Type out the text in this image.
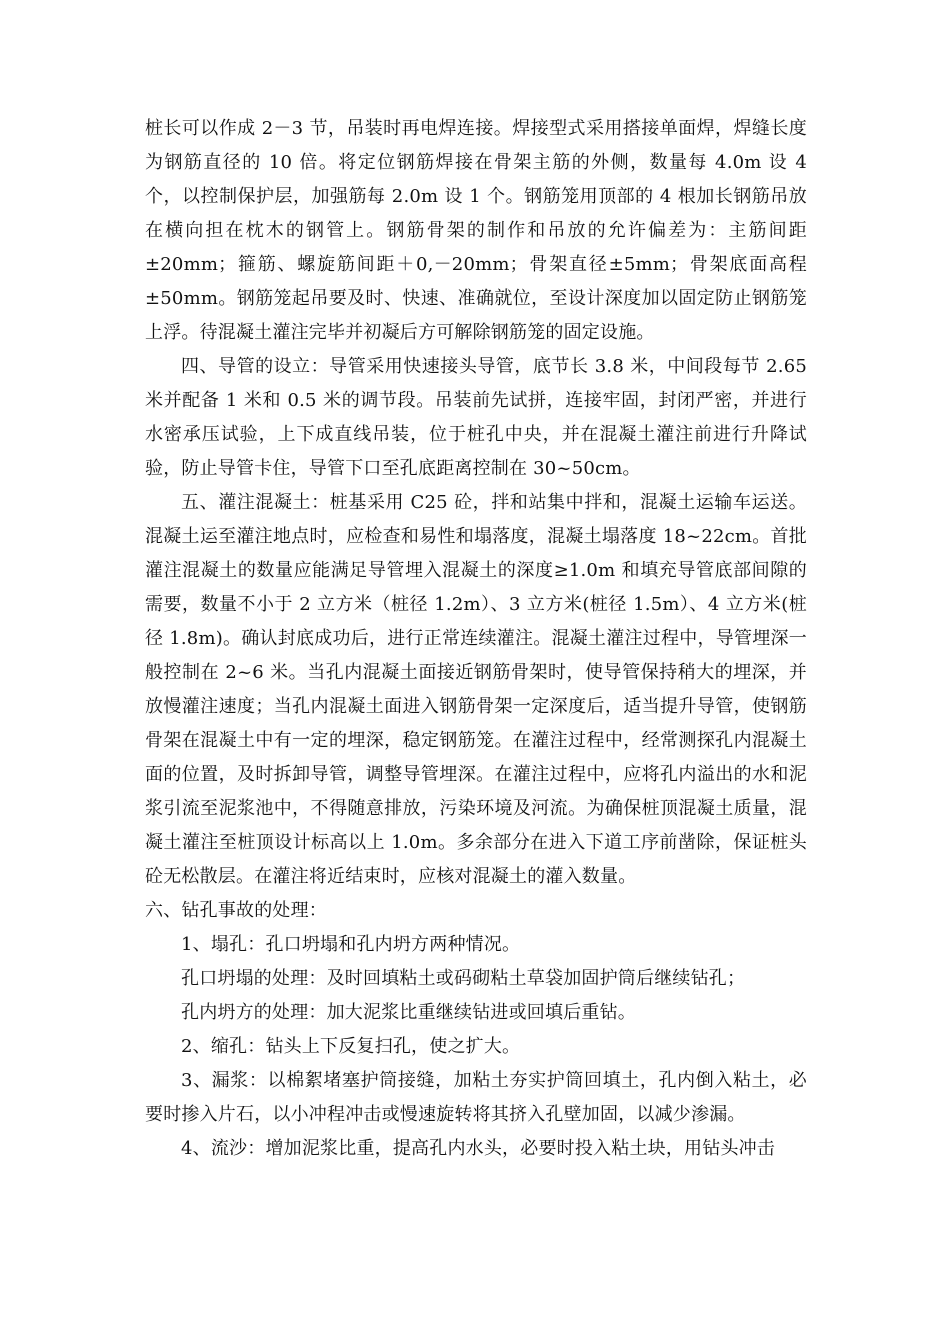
桩长可以作成 2－3 节，吊装时再电焊连接。焊接型式采用搭接单面焊，焊缝长度为钢筋直径的 10 倍。将定位钢筋焊接在骨架主筋的外侧，数量每 4.0m 设 4 个，以控制保护层，加强筋每 2.0m 设 1 个。钢筋笼用顶部的 4 根加长钢筋吊放在横向担在枕木的钢管上。钢筋骨架的制作和吊放的允许偏差为：主筋间距±20mm；箍筋、螺旋筋间距＋0,－20mm；骨架直径±5mm；骨架底面高程±50mm。钢筋笼起吊要及时、快速、准确就位，至设计深度加以固定防止钢筋笼上浮。待混凝土灌注完毕并初凝后方可解除钢筋笼的固定设施。

四、导管的设立：导管采用快速接头导管，底节长 3.8 米，中间段每节 2.65 米并配备 1 米和 0.5 米的调节段。吊装前先试拼，连接牢固，封闭严密，并进行水密承压试验，上下成直线吊装，位于桩孔中央，并在混凝土灌注前进行升降试验，防止导管卡住，导管下口至孔底距离控制在 30~50cm。

五、灌注混凝土：桩基采用 C25 砼，拌和站集中拌和，混凝土运输车运送。混凝土运至灌注地点时，应检查和易性和塌落度，混凝土塌落度 18~22cm。首批灌注混凝土的数量应能满足导管埋入混凝土的深度≥1.0m 和填充导管底部间隙的需要，数量不小于 2 立方米（桩径 1.2m）、3 立方米(桩径 1.5m）、4 立方米(桩径 1.8m)。确认封底成功后，进行正常连续灌注。混凝土灌注过程中，导管埋深一般控制在 2~6 米。当孔内混凝土面接近钢筋骨架时，使导管保持稍大的埋深，并放慢灌注速度；当孔内混凝土面进入钢筋骨架一定深度后，适当提升导管，使钢筋骨架在混凝土中有一定的埋深，稳定钢筋笼。在灌注过程中，经常测探孔内混凝土面的位置，及时拆卸导管，调整导管埋深。在灌注过程中，应将孔内溢出的水和泥浆引流至泥浆池中，不得随意排放，污染环境及河流。为确保桩顶混凝土质量，混凝土灌注至桩顶设计标高以上 1.0m。多余部分在进入下道工序前凿除，保证桩头砼无松散层。在灌注将近结束时，应核对混凝土的灌入数量。

六、钻孔事故的处理：

1、塌孔：孔口坍塌和孔内坍方两种情况。

孔口坍塌的处理：及时回填粘土或码砌粘土草袋加固护筒后继续钻孔；

孔内坍方的处理：加大泥浆比重继续钻进或回填后重钻。

2、缩孔：钻头上下反复扫孔，使之扩大。

3、漏浆：以棉絮堵塞护筒接缝，加粘土夯实护筒回填土，孔内倒入粘土，必要时掺入片石，以小冲程冲击或慢速旋转将其挤入孔壁加固，以减少渗漏。

4、流沙：增加泥浆比重，提高孔内水头，必要时投入粘土块，用钻头冲击
